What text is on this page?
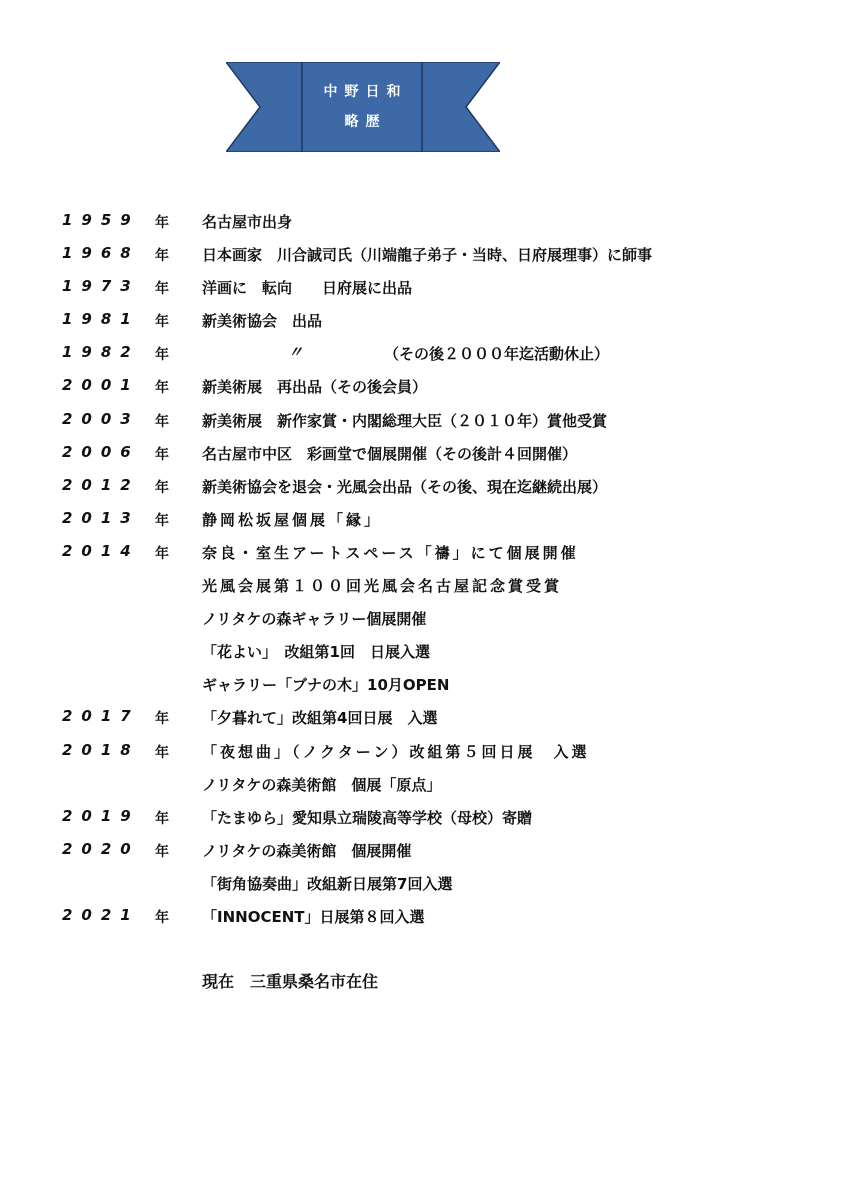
中野日和
略歴
1959 年 名古屋市出身
1968 年 日本画家　川合誠司氏（川端龍子弟子・当時、日府展理事）に師事
1973 年 洋画に　転向　　日府展に出品
1981 年 新美術協会　出品
1982 年	〃	（その後２０００年迄活動休止）
2001 年 新美術展　再出品（その後会員）
2003 年 新美術展　新作家賞・内閣総理大臣（２０１０年）賞他受賞
2006 年 名古屋市中区　彩画堂で個展開催（その後計４回開催）
2012 年 新美術協会を退会・光風会出品（その後、現在迄継続出展）
2013 年 静岡松坂屋個展「縁」
2014 年 奈良・室生アートスペース「禱」にて個展開催
光風会展第１００回光風会名古屋記念賞受賞
ノリタケの森ギャラリー個展開催
「花よい」　改組第1回　日展入選
ギャラリー「ブナの木」10月OPEN
2017 年 「夕暮れて」改組第4回日展　入選
2018 年 「夜想曲」（ノクターン）改組第５回日展　入選
ノリタケの森美術館　個展「原点」
2019 年 「たまゆら」愛知県立瑞陵高等学校（母校）寄贈
2020 年 ノリタケの森美術館　個展開催
「街角協奏曲」改組新日展第7回入選
2021 年 「INNOCENT」日展第８回入選
現在　三重県桑名市在住
